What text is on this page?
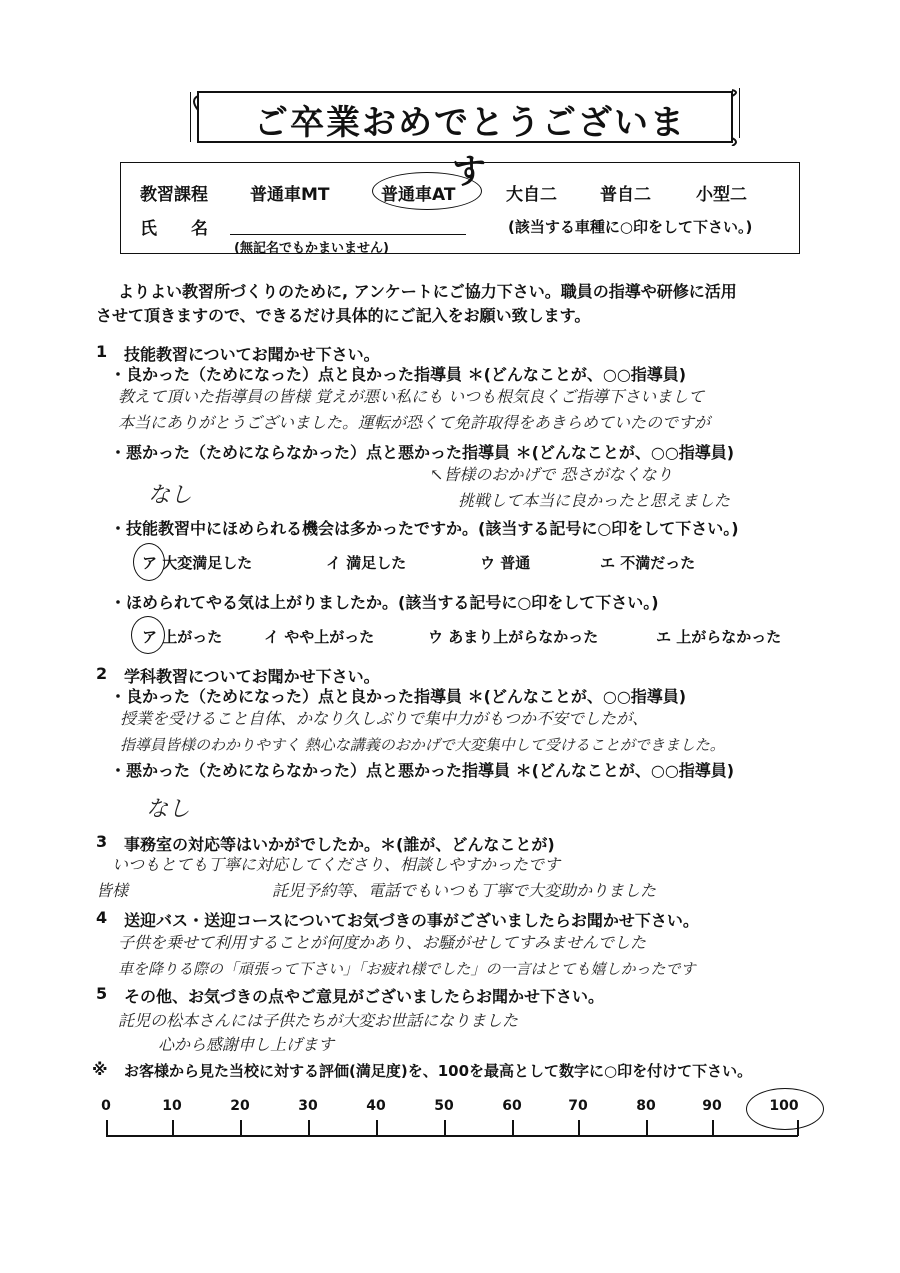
ご卒業おめでとうございます
教習課程 普通車MT	普通車AT	大自二	普自二	小型二
氏　　名
(無記名でもかまいません)
(該当する車種に○印をして下さい。)
よりよい教習所づくりのために, アンケートにご協力下さい。職員の指導や研修に活用
させて頂きますので、できるだけ具体的にご記入をお願い致します。
1 技能教習についてお聞かせ下さい。
・良かった（ためになった）点と良かった指導員 ＊(どんなことが、○○指導員)
教えて頂いた指導員の皆様 覚えが悪い私にも いつも根気良くご指導下さいまして
本当にありがとうございました。運転が恐くて免許取得をあきらめていたのですが
・悪かった（ためにならなかった）点と悪かった指導員 ＊(どんなことが、○○指導員)
なし
↖皆様のおかげで 恐さがなくなり
挑戦して本当に良かったと思えました
・技能教習中にほめられる機会は多かったですか。(該当する記号に○印をして下さい。)
ア 大変満足した	イ 満足した	ウ 普通	エ 不満だった
・ほめられてやる気は上がりましたか。(該当する記号に○印をして下さい。)
ア 上がった	イ やや上がった	ウ あまり上がらなかった	エ 上がらなかった
2 学科教習についてお聞かせ下さい。
・良かった（ためになった）点と良かった指導員 ＊(どんなことが、○○指導員)
授業を受けること自体、かなり久しぶりで集中力がもつか不安でしたが、
指導員皆様のわかりやすく 熱心な講義のおかげで大変集中して受けることができました。
・悪かった（ためにならなかった）点と悪かった指導員 ＊(どんなことが、○○指導員)
なし
3 事務室の対応等はいかがでしたか。＊(誰が、どんなことが)
いつもとても丁寧に対応してくださり、相談しやすかったです
皆様	託児予約等、電話でもいつも丁寧で大変助かりました
4 送迎バス・送迎コースについてお気づきの事がございましたらお聞かせ下さい。
子供を乗せて利用することが何度かあり、お騒がせしてすみませんでした
車を降りる際の「頑張って下さい」「お疲れ様でした」の一言はとても嬉しかったです
5 その他、お気づきの点やご意見がございましたらお聞かせ下さい。
託児の松本さんには子供たちが大変お世話になりました
心から感謝申し上げます
※ お客様から見た当校に対する評価(満足度)を、100を最高として数字に○印を付けて下さい。
0	10	20	30	40	50	60	70	80	90	100
